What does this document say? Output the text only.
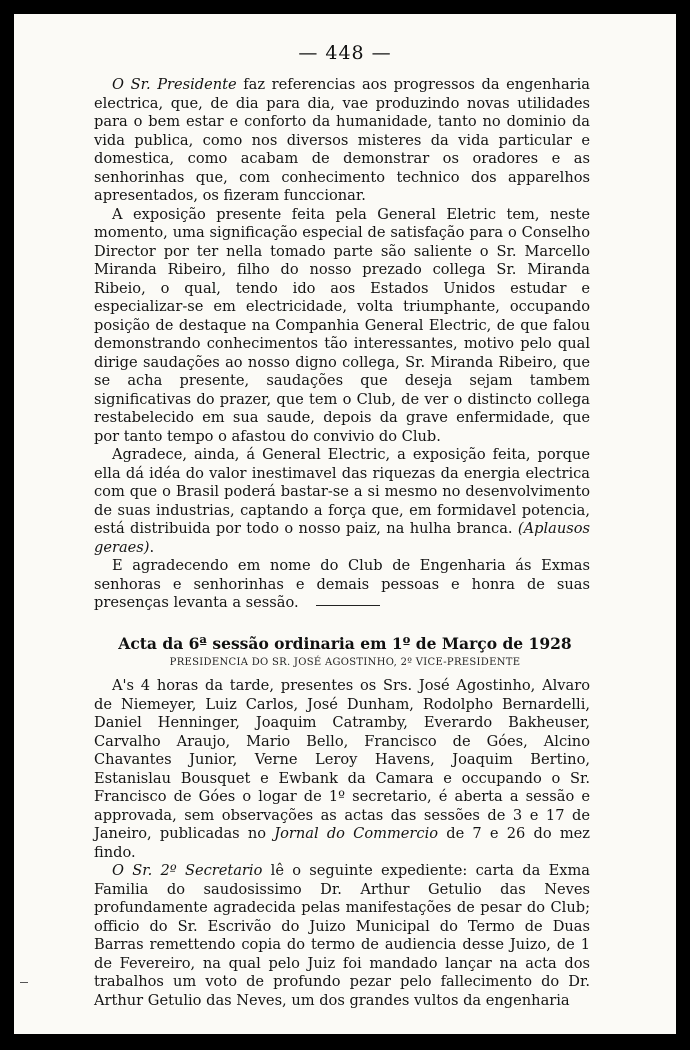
— 448 —

O Sr. Presidente faz referencias aos progressos da engenharia electrica, que, de dia para dia, vae produzindo novas utilidades para o bem estar e conforto da humanidade, tanto no dominio da vida publica, como nos diversos misteres da vida particular e domestica, como acabam de demonstrar os oradores e as senhorinhas que, com conhecimento technico dos apparelhos apresentados, os fizeram funccionar.

A exposição presente feita pela General Eletric tem, neste momento, uma significação especial de satisfação para o Conselho Director por ter nella tomado parte são saliente o Sr. Marcello Miranda Ribeiro, filho do nosso prezado collega Sr. Miranda Ribeio, o qual, tendo ido aos Estados Unidos estudar e especializar-se em electricidade, volta triumphante, occupando posição de destaque na Companhia General Electric, de que falou demonstrando conhecimentos tão interessantes, motivo pelo qual dirige saudações ao nosso digno collega, Sr. Miranda Ribeiro, que se acha presente, saudações que deseja sejam tambem significativas do prazer, que tem o Club, de ver o distincto collega restabelecido em sua saude, depois da grave enfermidade, que por tanto tempo o afastou do convivio do Club.

Agradece, ainda, á General Electric, a exposição feita, porque ella dá idéa do valor inestimavel das riquezas da energia electrica com que o Brasil poderá bastar-se a si mesmo no desenvolvimento de suas industrias, captando a força que, em formidavel potencia, está distribuida por todo o nosso paiz, na hulha branca. (Aplausos geraes).

E agradecendo em nome do Club de Engenharia ás Exmas senhoras e senhorinhas e demais pessoas e honra de suas presenças levanta a sessão.

Acta da 6ª sessão ordinaria em 1º de Março de 1928
PRESIDENCIA DO SR. JOSÉ AGOSTINHO, 2º VICE-PRESIDENTE

A's 4 horas da tarde, presentes os Srs. José Agostinho, Alvaro de Niemeyer, Luiz Carlos, José Dunham, Rodolpho Bernardelli, Daniel Henninger, Joaquim Catramby, Everardo Bakheuser, Carvalho Araujo, Mario Bello, Francisco de Góes, Alcino Chavantes Junior, Verne Leroy Havens, Joaquim Bertino, Estanislau Bousquet e Ewbank da Camara e occupando o Sr. Francisco de Góes o logar de 1º secretario, é aberta a sessão e approvada, sem observações as actas das sessões de 3 e 17 de Janeiro, publicadas no Jornal do Commercio de 7 e 26 do mez findo.

O Sr. 2º Secretario lê o seguinte expediente: carta da Exma Familia do saudosissimo Dr. Arthur Getulio das Neves profundamente agradecida pelas manifestações de pesar do Club; officio do Sr. Escrivão do Juizo Municipal do Termo de Duas Barras remettendo copia do termo de audiencia desse Juizo, de 1 de Fevereiro, na qual pelo Juiz foi mandado lançar na acta dos trabalhos um voto de profundo pezar pelo fallecimento do Dr. Arthur Getulio das Neves, um dos grandes vultos da engenharia
